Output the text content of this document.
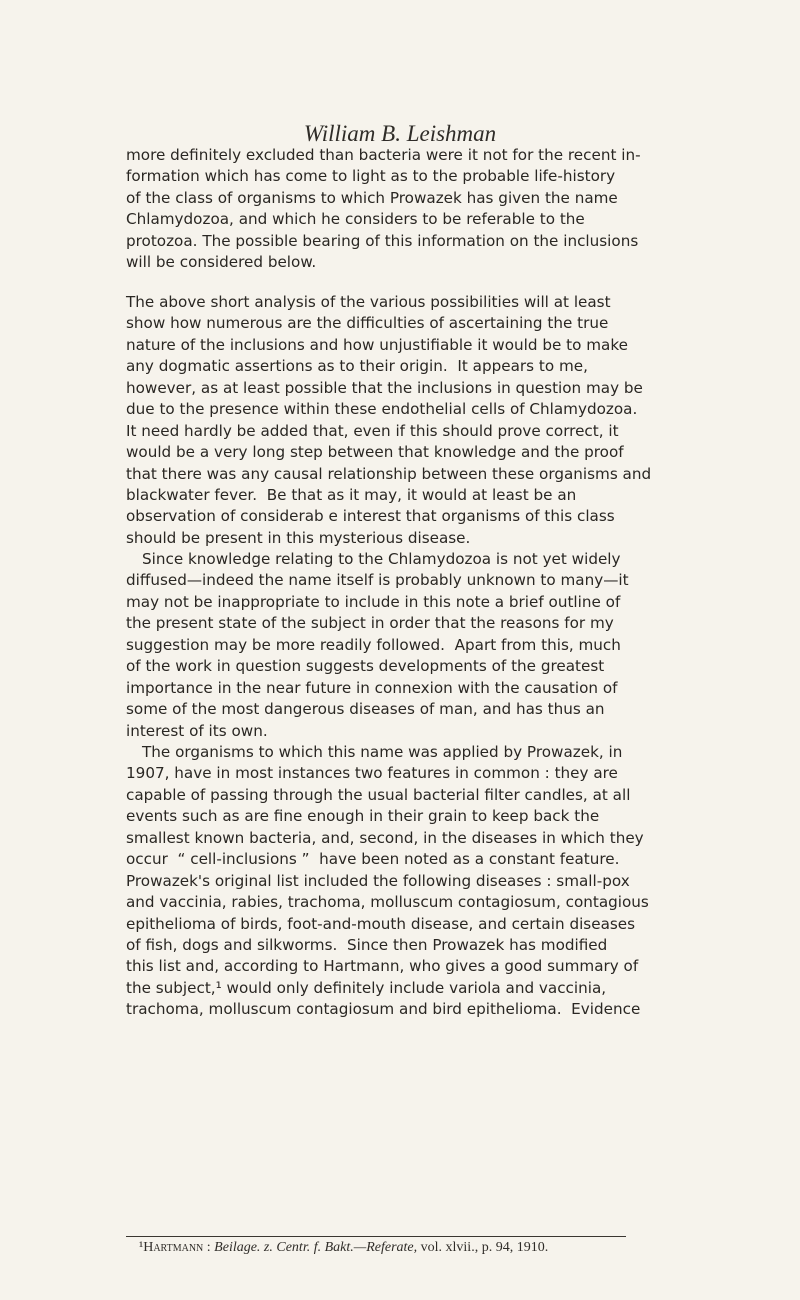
William B. Leishman
more definitely excluded than bacteria were it not for the recent in-
formation which has come to light as to the probable life-history
of the class of organisms to which Prowazek has given the name
Chlamydozoa, and which he considers to be referable to the
protozoa. The possible bearing of this information on the inclusions
will be considered below.
The above short analysis of the various possibilities will at least
show how numerous are the difficulties of ascertaining the true
nature of the inclusions and how unjustifiable it would be to make
any dogmatic assertions as to their origin.  It appears to me,
however, as at least possible that the inclusions in question may be
due to the presence within these endothelial cells of Chlamydozoa.
It need hardly be added that, even if this should prove correct, it
would be a very long step between that knowledge and the proof
that there was any causal relationship between these organisms and
blackwater fever.  Be that as it may, it would at least be an
observation of considerab e interest that organisms of this class
should be present in this mysterious disease.
Since knowledge relating to the Chlamydozoa is not yet widely
diffused—indeed the name itself is probably unknown to many—it
may not be inappropriate to include in this note a brief outline of
the present state of the subject in order that the reasons for my
suggestion may be more readily followed.  Apart from this, much
of the work in question suggests developments of the greatest
importance in the near future in connexion with the causation of
some of the most dangerous diseases of man, and has thus an
interest of its own.
The organisms to which this name was applied by Prowazek, in
1907, have in most instances two features in common : they are
capable of passing through the usual bacterial filter candles, at all
events such as are fine enough in their grain to keep back the
smallest known bacteria, and, second, in the diseases in which they
occur  “ cell-inclusions ”  have been noted as a constant feature.
Prowazek's original list included the following diseases : small-pox
and vaccinia, rabies, trachoma, molluscum contagiosum, contagious
epithelioma of birds, foot-and-mouth disease, and certain diseases
of fish, dogs and silkworms.  Since then Prowazek has modified
this list and, according to Hartmann, who gives a good summary of
the subject,¹ would only definitely include variola and vaccinia,
trachoma, molluscum contagiosum and bird epithelioma.  Evidence
¹Hartmann : Beilage. z. Centr. f. Bakt.—Referate, vol. xlvii., p. 94, 1910.
